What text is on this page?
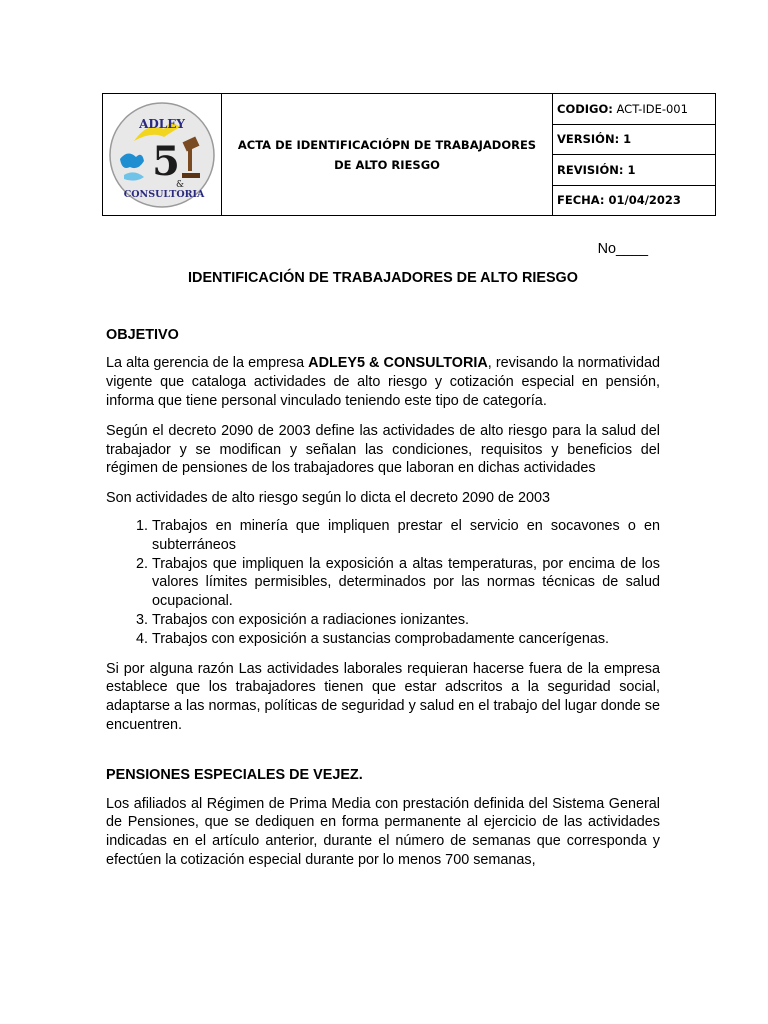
ADLEY
5
&
CONSULTORIA
	ACTA DE IDENTIFICACIÓPN DE TRABAJADORES DE ALTO RIESGO	CODIGO: ACT-IDE-001
VERSIÓN: 1
REVISIÓN: 1
FECHA: 01/04/2023
No____
IDENTIFICACIÓN DE TRABAJADORES DE ALTO RIESGO
OBJETIVO

La alta gerencia de la empresa ADLEY5 & CONSULTORIA, revisando la normatividad vigente que cataloga actividades de alto riesgo y cotización especial en pensión, informa que tiene personal vinculado teniendo este tipo de categoría.

Según el decreto 2090 de 2003 define las actividades de alto riesgo para la salud del trabajador y se modifican y señalan las condiciones, requisitos y beneficios del régimen de pensiones de los trabajadores que laboran en dichas actividades

Son actividades de alto riesgo según lo dicta el decreto 2090 de 2003

1. Trabajos en minería que impliquen prestar el servicio en socavones o en subterráneos
2. Trabajos que impliquen la exposición a altas temperaturas, por encima de los valores límites permisibles, determinados por las normas técnicas de salud ocupacional.
3. Trabajos con exposición a radiaciones ionizantes.
4. Trabajos con exposición a sustancias comprobadamente cancerígenas.

Si por alguna razón Las actividades laborales requieran hacerse fuera de la empresa establece que los trabajadores tienen que estar adscritos a la seguridad social, adaptarse a las normas, políticas de seguridad y salud en el trabajo del lugar donde se encuentren.

PENSIONES ESPECIALES DE VEJEZ.

Los afiliados al Régimen de Prima Media con prestación definida del Sistema General de Pensiones, que se dediquen en forma permanente al ejercicio de las actividades indicadas en el artículo anterior, durante el número de semanas que corresponda y efectúen la cotización especial durante por lo menos 700 semanas,
